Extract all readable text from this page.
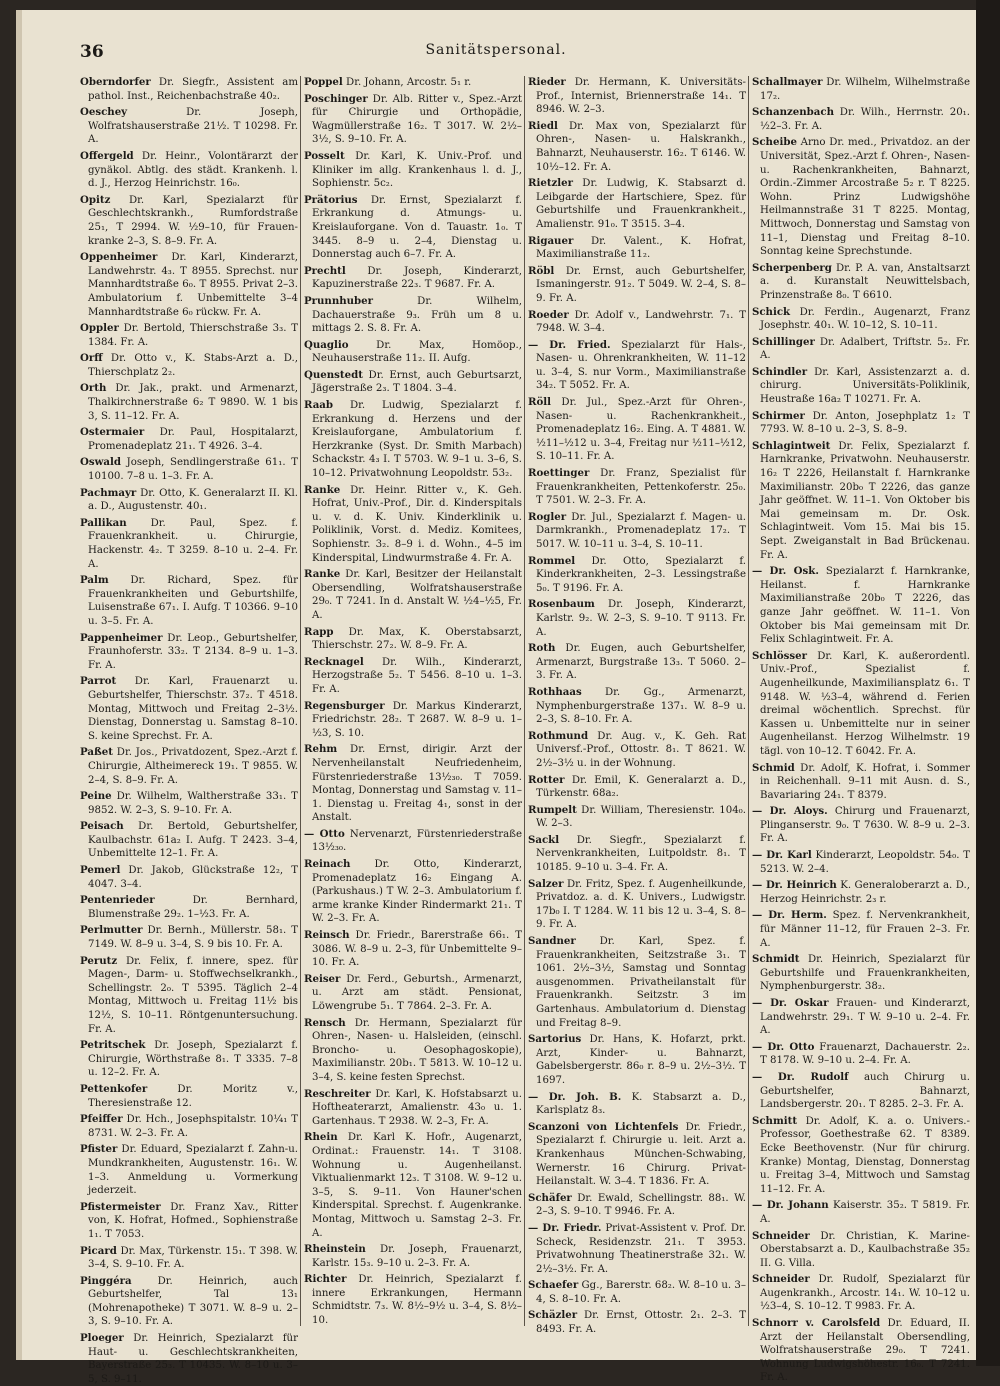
Sanitätspersonal.
36

Oberndorfer Dr. Siegfr., Assistent am pathol. Inst., Reichenbachstraße 40₂.

Oeschey	Dr. Joseph, Wolfratshauserstraße 21½. T 10298. Fr. A.

Offergeld Dr. Heinr., Volontärarzt der gynäkol. Abtlg. des städt. Krankenh. l. d. J., Herzog Heinrichstr. 16₀.

Opitz Dr. Karl, Spezialarzt für Geschlechtskrankh., Rumfordstraße 25₁, T 2994. W. ½9–10, für Frauen-kranke 2–3, S. 8–9. Fr. A.

Oppenheimer Dr. Karl, Kinderarzt, Landwehrstr. 4₃. T 8955. Sprechst. nur Mannhardtstraße 6₀. T 8955. Privat 2–3. Ambulatorium f. Unbemittelte 3–4 Mannhardtstraße 6₀ rückw. Fr. A.

Oppler Dr. Bertold, Thierschstraße 3₃. T 1384. Fr. A.

Orff Dr. Otto v., K. Stabs-Arzt a. D., Thierschplatz 2₂.

Orth Dr. Jak., prakt. und Armenarzt, Thalkirchnerstraße 6₂ T 9890. W. 1 bis 3, S. 11–12. Fr. A.

Ostermaier Dr. Paul, Hospitalarzt, Promenadeplatz 21₁. T 4926. 3–4.

Oswald Joseph, Sendlingerstraße 61₁. T 10100. 7–8 u. 1–3. Fr. A.

Pachmayr Dr. Otto, K. Generalarzt II. Kl. a. D., Augustenstr. 40₁.

Pallikan Dr. Paul, Spez. f. Frauenkrankheit. u. Chirurgie, Hackenstr. 4₂. T 3259. 8–10 u. 2–4. Fr. A.

Palm Dr. Richard, Spez. für Frauenkrankheiten und Geburtshilfe, Luisenstraße 67₁. I. Aufg. T 10366. 9–10 u. 3–5. Fr. A.

Pappenheimer Dr. Leop., Geburtshelfer, Fraunhoferstr. 33₂. T 2134. 8–9 u. 1–3. Fr. A.

Parrot Dr. Karl, Frauenarzt u. Geburtshelfer, Thierschstr. 37₂. T 4518. Montag, Mittwoch und Freitag 2–3½. Dienstag, Donnerstag u. Samstag 8–10. S. keine Sprechst. Fr. A.

Paßet Dr. Jos., Privatdozent, Spez.-Arzt f. Chirurgie, Altheimereck 19₁. T 9855. W. 2–4, S. 8–9. Fr. A.

Peine Dr. Wilhelm, Waltherstraße 33₁. T 9852. W. 2–3, S. 9–10. Fr. A.

Peisach Dr. Bertold, Geburtshelfer, Kaulbachstr. 61a₂ I. Aufg. T 2423. 3–4, Unbemittelte 12–1. Fr. A.

Pemerl Dr. Jakob, Glückstraße 12₂, T 4047. 3–4.

Pentenrieder	Dr. Bernhard, Blumenstraße 29₂. 1–½3. Fr. A.

Perlmutter Dr. Bernh., Müllerstr. 58₁. T 7149. W. 8–9 u. 3–4, S. 9 bis 10. Fr. A.

Perutz Dr. Felix, f. innere, spez. für Magen-, Darm- u. Stoffwechselkrankh., Schellingstr. 2₀. T 5395. Täglich 2–4 Montag, Mittwoch u. Freitag 11½ bis 12½, S. 10–11. Röntgenuntersuchung. Fr. A.

Petritschek Dr. Joseph, Spezialarzt f. Chirurgie, Wörthstraße 8₁. T 3335. 7–8 u. 12–2. Fr. A.

Pettenkofer	Dr. Moritz v., Theresienstraße 12.

Pfeiffer Dr. Hch., Josephspitalstr. 10¼₁ T 8731. W. 2–3. Fr. A.

Pfister Dr. Eduard, Spezialarzt f. Zahn-u. Mundkrankheiten, Augustenstr. 16₁. W. 1–3. Anmeldung u. Vormerkung jederzeit.

Pfistermeister Dr. Franz Xav., Ritter von, K. Hofrat, Hofmed., Sophienstraße 1₁. T 7053.

Picard Dr. Max, Türkenstr. 15₁. T 398. W. 3–4, S. 9–10. Fr. A.

Pinggéra	Dr. Heinrich, auch Geburtshelfer, Tal 13₁ (Mohrenapotheke) T 3071. W. 8–9 u. 2–3, S. 9–10. Fr. A.

Ploeger Dr. Heinrich, Spezialarzt für Haut- u. Geschlechtskrankheiten, Bayerstraße 25₃. T 10435. W. 8–10 u. 3–5, S. 9–11.

Poppel Dr. Johann, Arcostr. 5₁ r.

Poschinger Dr. Alb. Ritter v., Spez.-Arzt für Chirurgie und Orthopädie, Wagmüllerstraße 16₂. T 3017. W. 2½–3½, S. 9–10. Fr. A.

Posselt Dr. Karl, K. Univ.-Prof. und Kliniker im allg. Krankenhaus l. d. J., Sophienstr. 5c₂.

Prätorius Dr. Ernst, Spezialarzt f. Erkrankung d. Atmungs- u. Kreislauforgane. Von d. Tauastr. 1₀. T 3445. 8–9 u. 2–4, Dienstag u. Donnerstag auch 6–7. Fr. A.

Prechtl Dr. Joseph, Kinderarzt, Kapuzinerstraße 22₃. T 9687. Fr. A.

Prunnhuber	Dr. Wilhelm, Dachauerstraße 9₃. Früh um 8 u. mittags 2. S. 8. Fr. A.

Quaglio	Dr. Max, Homöop., Neuhauserstraße 11₂. II. Aufg.

Quenstedt Dr. Ernst, auch Geburtsarzt, Jägerstraße 2₃. T 1804. 3–4.

Raab Dr. Ludwig, Spezialarzt f. Erkrankung d. Herzens und der Kreislauforgane, Ambulatorium f. Herzkranke (Syst. Dr. Smith Marbach) Schackstr. 4₃ I. T 5703. W. 9–1 u. 3–6, S. 10–12. Privatwohnung Leopoldstr. 53₂.

Ranke Dr. Heinr. Ritter v., K. Geh. Hofrat, Univ.-Prof., Dir. d. Kinderspitals u. v. d. K. Univ. Kinderklinik u. Poliklinik, Vorst. d. Mediz. Komitees, Sophienstr. 3₂. 8–9 i. d. Wohn., 4–5 im Kinderspital, Lindwurmstraße 4. Fr. A.

Ranke Dr. Karl, Besitzer der Heilanstalt Obersendling, Wolfratshauserstraße 29₀. T 7241. In d. Anstalt W. ½4–½5, Fr. A.

Rapp Dr. Max, K. Oberstabsarzt, Thierschstr. 27₂. W. 8–9. Fr. A.

Recknagel Dr. Wilh., Kinderarzt, Herzogstraße 5₂. T 5456. 8–10 u. 1–3. Fr. A.

Regensburger Dr. Markus Kinderarzt, Friedrichstr. 28₂. T 2687. W. 8–9 u. 1–½3, S. 10.

Rehm Dr. Ernst, dirigir. Arzt der Nervenheilanstalt Neufriedenheim, Fürstenriederstraße 13½₃₀. T 7059. Montag, Donnerstag und Samstag v. 11–1. Dienstag u. Freitag 4₁, sonst in der Anstalt.

— Otto Nervenarzt, Fürstenriederstraße 13½₃₀.

Reinach Dr. Otto, Kinderarzt, Promenadeplatz 16₂ Eingang A. (Parkushaus.) T W. 2–3. Ambulatorium f. arme kranke Kinder Rindermarkt 21₁. T W. 2–3. Fr. A.

Reinsch Dr. Friedr., Barerstraße 66₁. T 3086. W. 8–9 u. 2–3, für Unbemittelte 9–10. Fr. A.

Reiser Dr. Ferd., Geburtsh., Armenarzt, u. Arzt am städt. Pensionat, Löwengrube 5₁. T 7864. 2–3. Fr. A.

Rensch Dr. Hermann, Spezialarzt für Ohren-, Nasen- u. Halsleiden, (einschl. Broncho- u. Oesophagoskopie), Maximilianstr. 20b₁. T 5813. W. 10–12 u. 3–4, S. keine festen Sprechst.

Reschreiter Dr. Karl, K. Hofstabsarzt u. Hoftheaterarzt, Amalienstr. 43₀ u. 1. Gartenhaus. T 2938. W. 2–3, Fr. A.

Rhein Dr. Karl K. Hofr., Augenarzt, Ordinat.: Frauenstr. 14₁. T 3108. Wohnung u. Augenheilanst. Viktualienmarkt 12₃. T 3108. W. 9–12 u. 3–5, S. 9–11. Von Hauner'schen Kinderspital. Sprechst. f. Augenkranke. Montag, Mittwoch u. Samstag 2–3. Fr. A.

Rheinstein Dr. Joseph, Frauenarzt, Karlstr. 15₃. 9–10 u. 2–3. Fr. A.

Richter Dr. Heinrich, Spezialarzt f. innere Erkrankungen, Hermann Schmidtstr. 7₃. W. 8½–9½ u. 3–4, S. 8½–10.

Rieder Dr. Hermann, K. Universitäts-Prof., Internist, Briennerstraße 14₁. T 8946. W. 2–3.

Riedl Dr. Max von, Spezialarzt für Ohren-, Nasen- u. Halskrankh., Bahnarzt, Neuhauserstr. 16₂. T 6146. W. 10½–12. Fr. A.

Rietzler Dr. Ludwig, K. Stabsarzt d. Leibgarde der Hartschiere, Spez. für Geburtshilfe und Frauenkrankheit., Amalienstr. 91₀. T 3515. 3–4.

Rigauer Dr. Valent., K. Hofrat, Maximilianstraße 11₂.

Röbl Dr. Ernst, auch Geburtshelfer, Ismaningerstr. 91₂. T 5049. W. 2–4, S. 8–9. Fr. A.

Roeder Dr. Adolf v., Landwehrstr. 7₁. T 7948. W. 3–4.

— Dr. Fried. Spezialarzt für Hals-, Nasen- u. Ohrenkrankheiten, W. 11–12 u. 3–4, S. nur Vorm., Maximilianstraße 34₂. T 5052. Fr. A.

Röll Dr. Jul., Spez.-Arzt für Ohren-, Nasen- u. Rachenkrankheit., Promenadeplatz 16₂. Eing. A. T 4881. W. ½11–½12 u. 3–4, Freitag nur ½11–½12, S. 10–11. Fr. A.

Roettinger Dr. Franz, Spezialist für Frauenkrankheiten, Pettenkoferstr. 25₀. T 7501. W. 2–3. Fr. A.

Rogler Dr. Jul., Spezialarzt f. Magen- u. Darmkrankh., Promenadeplatz 17₂. T 5017. W. 10–11 u. 3–4, S. 10–11.

Rommel Dr. Otto, Spezialarzt f. Kinderkrankheiten, 2–3. Lessingstraße 5₀. T 9196. Fr. A.

Rosenbaum Dr. Joseph, Kinderarzt, Karlstr. 9₂. W. 2–3, S. 9–10. T 9113. Fr. A.

Roth Dr. Eugen, auch Geburtshelfer, Armenarzt, Burgstraße 13₃. T 5060. 2–3. Fr. A.

Rothhaas Dr. Gg., Armenarzt, Nymphenburgerstraße 137₁. W. 8–9 u. 2–3, S. 8–10. Fr. A.

Rothmund Dr. Aug. v., K. Geh. Rat Universf.-Prof., Ottostr. 8₁. T 8621. W. 2½–3½ u. in der Wohnung.

Rotter Dr. Emil, K. Generalarzt a. D., Türkenstr. 68a₂.

Rumpelt Dr. William, Theresienstr. 104₀. W. 2–3.

Sackl Dr. Siegfr., Spezialarzt f. Nervenkrankheiten, Luitpoldstr. 8₁. T 10185. 9–10 u. 3–4. Fr. A.

Salzer Dr. Fritz, Spez. f. Augenheilkunde, Privatdoz. a. d. K. Univers., Ludwigstr. 17b₀ I. T 1284. W. 11 bis 12 u. 3–4, S. 8–9. Fr. A.

Sandner Dr. Karl, Spez. f. Frauenkrankheiten, Seitzstraße 3₁. T 1061. 2½–3½, Samstag und Sonntag ausgenommen. Privatheilanstalt für Frauenkrankh. Seitzstr. 3 im Gartenhaus. Ambulatorium d. Dienstag und Freitag 8–9.

Sartorius Dr. Hans, K. Hofarzt, prkt. Arzt, Kinder- u. Bahnarzt, Gabelsbergerstr. 86₀ r. 8–9 u. 2½–3½. T 1697.

— Dr. Joh. B. K. Stabsarzt a. D., Karlsplatz 8₃.

Scanzoni von Lichtenfels Dr. Friedr., Spezialarzt f. Chirurgie u. leit. Arzt a. Krankenhaus München-Schwabing, Wernerstr. 16 Chirurg. Privat-Heilanstalt. W. 3–4. T 1836. Fr. A.

Schäfer Dr. Ewald, Schellingstr. 88₁. W. 2–3, S. 9–10. T 9946. Fr. A.

— Dr. Friedr. Privat-Assistent v. Prof. Dr. Scheck, Residenzstr. 21₁. T 3953. Privatwohnung Theatinerstraße 32₁. W. 2½–3½. Fr. A.

Schaefer Gg., Barerstr. 68₂. W. 8–10 u. 3–4, S. 8–10. Fr. A.

Schäzler Dr. Ernst, Ottostr. 2₁. 2–3. T 8493. Fr. A.

Schallmayer Dr. Wilhelm, Wilhelmstraße 17₂.

Schanzenbach Dr. Wilh., Herrnstr. 20₁. ½2–3. Fr. A.

Scheibe Arno Dr. med., Privatdoz. an der Universität, Spez.-Arzt f. Ohren-, Nasen- u. Rachenkrankheiten, Bahnarzt, Ordin.-Zimmer Arcostraße 5₂ r. T 8225. Wohn. Prinz Ludwigshöhe Heilmannstraße 31 T 8225. Montag, Mittwoch, Donnerstag und Samstag von 11–1, Dienstag und Freitag 8–10. Sonntag keine Sprechstunde.

Scherpenberg Dr. P. A. van, Anstaltsarzt a. d. Kuranstalt Neuwittelsbach, Prinzenstraße 8₀. T 6610.

Schick Dr. Ferdin., Augenarzt, Franz Josephstr. 40₁. W. 10–12, S. 10–11.

Schillinger Dr. Adalbert, Triftstr. 5₂. Fr. A.

Schindler Dr. Karl, Assistenzarzt a. d. chirurg. Universitäts-Poliklinik, Heustraße 16a₂ T 10271. Fr. A.

Schirmer Dr. Anton, Josephplatz 1₂ T 7793. W. 8–10 u. 2–3, S. 8–9.

Schlagintweit Dr. Felix, Spezialarzt f. Harnkranke, Privatwohn. Neuhauserstr. 16₂ T 2226, Heilanstalt f. Harnkranke Maximilianstr. 20b₀ T 2226, das ganze Jahr geöffnet. W. 11–1. Von Oktober bis Mai gemeinsam m. Dr. Osk. Schlagintweit. Vom 15. Mai bis 15. Sept. Zweiganstalt in Bad Brückenau. Fr. A.

— Dr. Osk. Spezialarzt f. Harnkranke, Heilanst. f. Harnkranke Maximilianstraße 20b₀ T 2226, das ganze Jahr geöffnet. W. 11–1. Von Oktober bis Mai gemeinsam mit Dr. Felix Schlagintweit. Fr. A.

Schlösser Dr. Karl, K. außerordentl. Univ.-Prof., Spezialist f. Augenheilkunde, Maximiliansplatz 6₁. T 9148. W. ½3–4, während d. Ferien dreimal wöchentlich. Sprechst. für Kassen u. Unbemittelte nur in seiner Augenheilanst. Herzog Wilhelmstr. 19 tägl. von 10–12. T 6042. Fr. A.

Schmid Dr. Adolf, K. Hofrat, i. Sommer in Reichenhall. 9–11 mit Ausn. d. S., Bavariaring 24₁. T 8379.

— Dr. Aloys. Chirurg und Frauenarzt, Plinganserstr. 9₀. T 7630. W. 8–9 u. 2–3. Fr. A.

— Dr. Karl Kinderarzt, Leopoldstr. 54₀. T 5213. W. 2–4.

— Dr. Heinrich K. Generaloberarzt a. D., Herzog Heinrichstr. 2₃ r.

— Dr. Herm. Spez. f. Nervenkrankheit, für Männer 11–12, für Frauen 2–3. Fr. A.

Schmidt Dr. Heinrich, Spezialarzt für Geburtshilfe und Frauenkrankheiten, Nymphenburgerstr. 38₂.

— Dr. Oskar Frauen- und Kinderarzt, Landwehrstr. 29₁. T W. 9–10 u. 2–4. Fr. A.

— Dr. Otto Frauenarzt, Dachauerstr. 2₂. T 8178. W. 9–10 u. 2–4. Fr. A.

— Dr. Rudolf auch Chirurg u. Geburtshelfer, Bahnarzt, Landsbergerstr. 20₁. T 8285. 2–3. Fr. A.

Schmitt Dr. Adolf, K. a. o. Univers.-Professor, Goethestraße 62. T 8389. Ecke Beethovenstr. (Nur für chirurg. Kranke) Montag, Dienstag, Donnerstag u. Freitag 3–4, Mittwoch und Samstag 11–12. Fr. A.

— Dr. Johann Kaiserstr. 35₂. T 5819. Fr. A.

Schneider Dr. Christian, K. Marine-Oberstabsarzt a. D., Kaulbachstraße 35₂ II. G. Villa.

Schneider Dr. Rudolf, Spezialarzt für Augenkrankh., Arcostr. 14₁. W. 10–12 u. ½3–4, S. 10–12. T 9983. Fr. A.

Schnorr v. Carolsfeld Dr. Eduard, II. Arzt der Heilanstalt Obersendling, Wolfratshauserstraße 29₀. T 7241. Wohnung Ludwigshöhestr. 16₀. T 7241. Fr. A.
